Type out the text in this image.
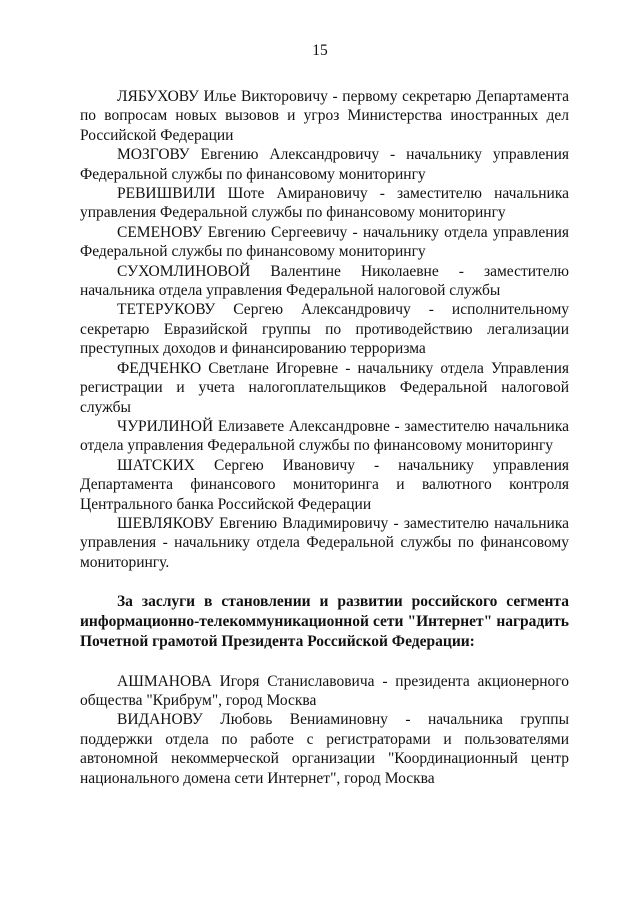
15

ЛЯБУХОВУ Илье Викторовичу - первому секретарю Департамента по вопросам новых вызовов и угроз Министерства иностранных дел Российской Федерации

МОЗГОВУ Евгению Александровичу - начальнику управления Федеральной службы по финансовому мониторингу

РЕВИШВИЛИ Шоте Амирановичу - заместителю начальника управления Федеральной службы по финансовому мониторингу

СЕМЕНОВУ Евгению Сергеевичу - начальнику отдела управления Федеральной службы по финансовому мониторингу

СУХОМЛИНОВОЙ Валентине Николаевне - заместителю начальника отдела управления Федеральной налоговой службы

ТЕТЕРУКОВУ Сергею Александровичу - исполнительному секретарю Евразийской группы по противодействию легализации преступных доходов и финансированию терроризма

ФЕДЧЕНКО Светлане Игоревне - начальнику отдела Управления регистрации и учета налогоплательщиков Федеральной налоговой службы

ЧУРИЛИНОЙ Елизавете Александровне - заместителю начальника отдела управления Федеральной службы по финансовому мониторингу

ШАТСКИХ Сергею Ивановичу - начальнику управления Департамента финансового мониторинга и валютного контроля Центрального банка Российской Федерации

ШЕВЛЯКОВУ Евгению Владимировичу - заместителю начальника управления - начальнику отдела Федеральной службы по финансовому мониторингу.

За заслуги в становлении и развитии российского сегмента информационно-телекоммуникационной сети "Интернет" наградить Почетной грамотой Президента Российской Федерации:

АШМАНОВА Игоря Станиславовича - президента акционерного общества "Крибрум", город Москва

ВИДАНОВУ Любовь Вениаминовну - начальника группы поддержки отдела по работе с регистраторами и пользователями автономной некоммерческой организации "Координационный центр национального домена сети Интернет", город Москва
